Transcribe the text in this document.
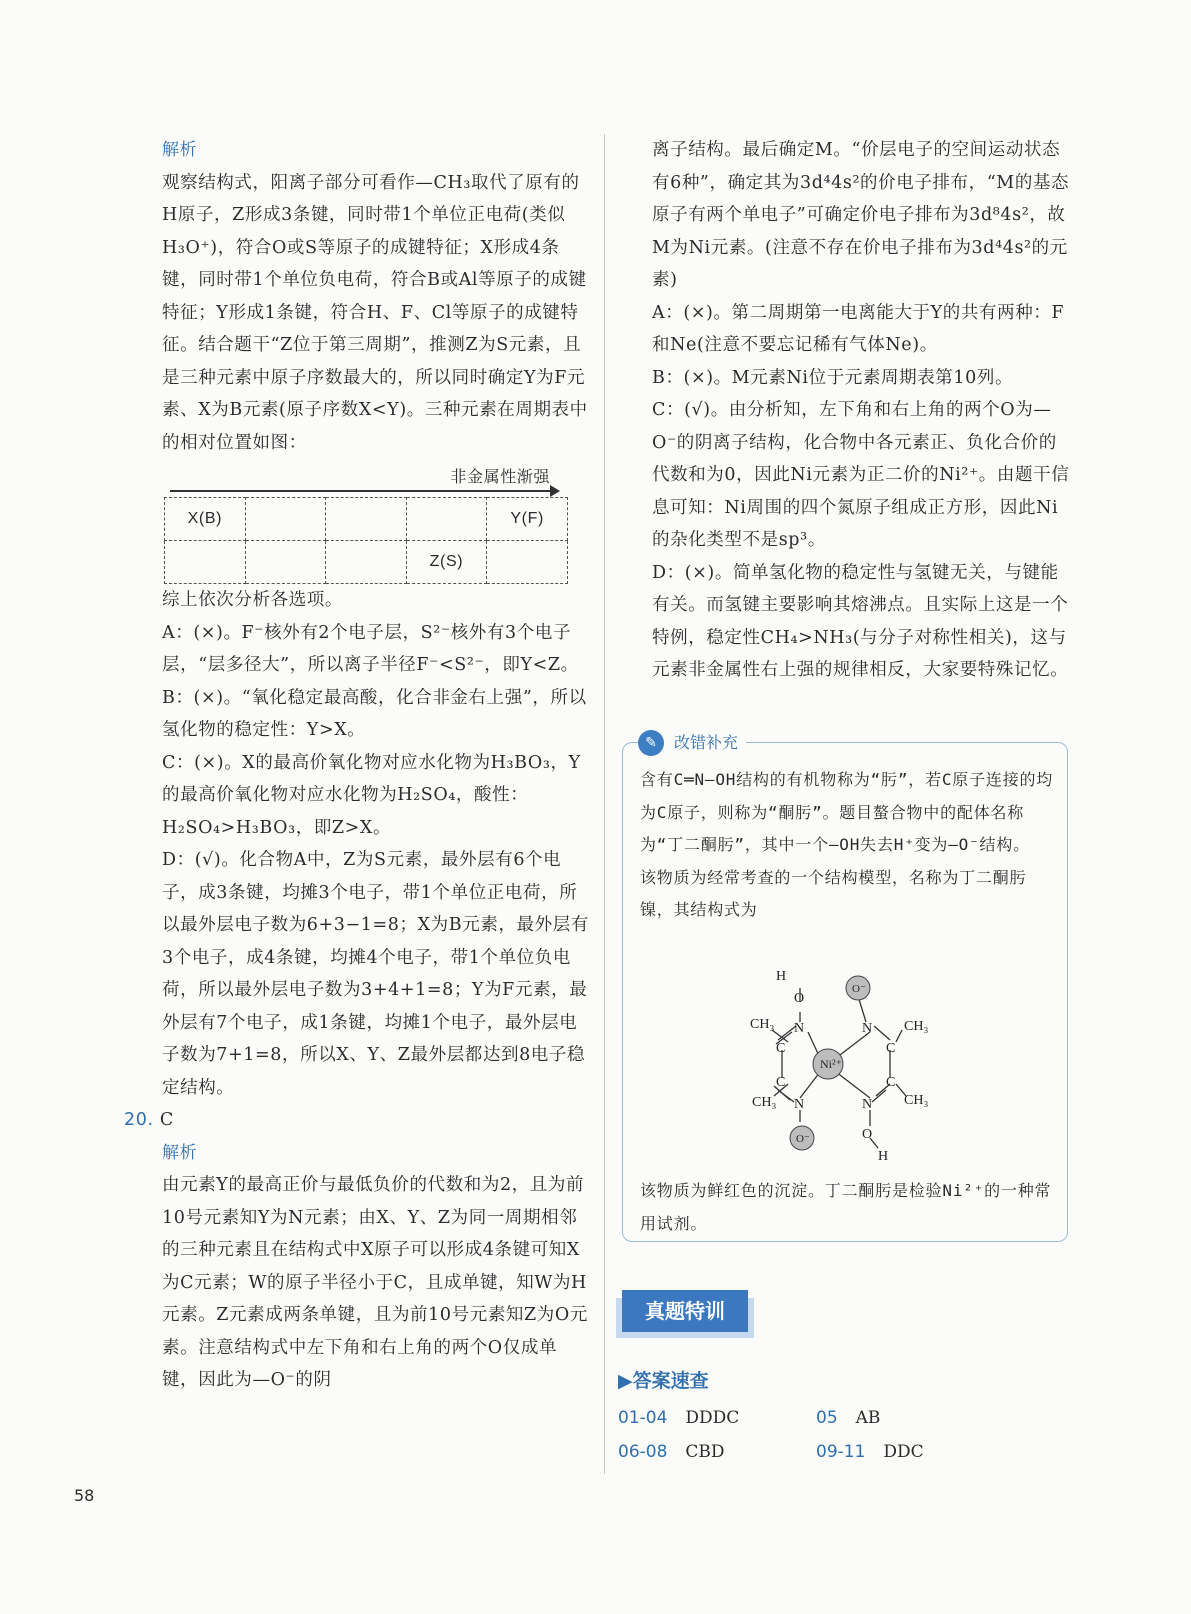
解析

观察结构式，阳离子部分可看作—CH₃取代了原有的H原子，Z形成3条键，同时带1个单位正电荷(类似H₃O⁺)，符合O或S等原子的成键特征；X形成4条键，同时带1个单位负电荷，符合B或Al等原子的成键特征；Y形成1条键，符合H、F、Cl等原子的成键特征。结合题干“Z位于第三周期”，推测Z为S元素，且是三种元素中原子序数最大的，所以同时确定Y为F元素、X为B元素(原子序数X<Y)。三种元素在周期表中的相对位置如图：

非金属性渐强
X(B)				Y(F)
			Z(S)	

综上依次分析各选项。

A：(×)。F⁻核外有2个电子层，S²⁻核外有3个电子层，“层多径大”，所以离子半径F⁻<S²⁻，即Y<Z。

B：(×)。“氧化稳定最高酸，化合非金右上强”，所以氢化物的稳定性：Y>X。

C：(×)。X的最高价氧化物对应水化物为H₃BO₃，Y的最高价氧化物对应水化物为H₂SO₄，酸性：H₂SO₄>H₃BO₃，即Z>X。

D：(√)。化合物A中，Z为S元素，最外层有6个电子，成3条键，均摊3个电子，带1个单位正电荷，所以最外层电子数为6+3−1=8；X为B元素，最外层有3个电子，成4条键，均摊4个电子，带1个单位负电荷，所以最外层电子数为3+4+1=8；Y为F元素，最外层有7个电子，成1条键，均摊1个电子，最外层电子数为7+1=8，所以X、Y、Z最外层都达到8电子稳定结构。

20. C

解析

由元素Y的最高正价与最低负价的代数和为2，且为前10号元素知Y为N元素；由X、Y、Z为同一周期相邻的三种元素且在结构式中X原子可以形成4条键可知X为C元素；W的原子半径小于C，且成单键，知W为H元素。Z元素成两条单键，且为前10号元素知Z为O元素。注意结构式中左下角和右上角的两个O仅成单键，因此为—O⁻的阴

离子结构。最后确定M。“价层电子的空间运动状态有6种”，确定其为3d⁴4s²的价电子排布，“M的基态原子有两个单电子”可确定价电子排布为3d⁸4s²，故M为Ni元素。(注意不存在价电子排布为3d⁴4s²的元素)

A：(×)。第二周期第一电离能大于Y的共有两种：F和Ne(注意不要忘记稀有气体Ne)。

B：(×)。M元素Ni位于元素周期表第10列。

C：(√)。由分析知，左下角和右上角的两个O为—O⁻的阴离子结构，化合物中各元素正、负化合价的代数和为0，因此Ni元素为正二价的Ni²⁺。由题干信息可知：Ni周围的四个氮原子组成正方形，因此Ni的杂化类型不是sp³。

D：(×)。简单氢化物的稳定性与氢键无关，与键能有关。而氢键主要影响其熔沸点。且实际上这是一个特例，稳定性CH₄>NH₃(与分子对称性相关)，这与元素非金属性右上强的规律相反，大家要特殊记忆。

✎	改错补充

含有C═N—OH结构的有机物称为“肟”，若C原子连接的均为C原子，则称为“酮肟”。题目螯合物中的配体名称为“丁二酮肟”，其中一个—OH失去H⁺变为—O⁻结构。

该物质为经常考查的一个结构模型，名称为丁二酮肟镍，其结构式为

Ni²⁺
O⁻
O⁻
H
O
N	N
N	N
C	C
C	C
CH₃	CH₃
CH₃	CH₃
O
H

该物质为鲜红色的沉淀。丁二酮肟是检验Ni²⁺的一种常用试剂。

真题特训
▶答案速查
01-04 DDDC	05 AB
06-08 CBD	09-11 DDC
58
